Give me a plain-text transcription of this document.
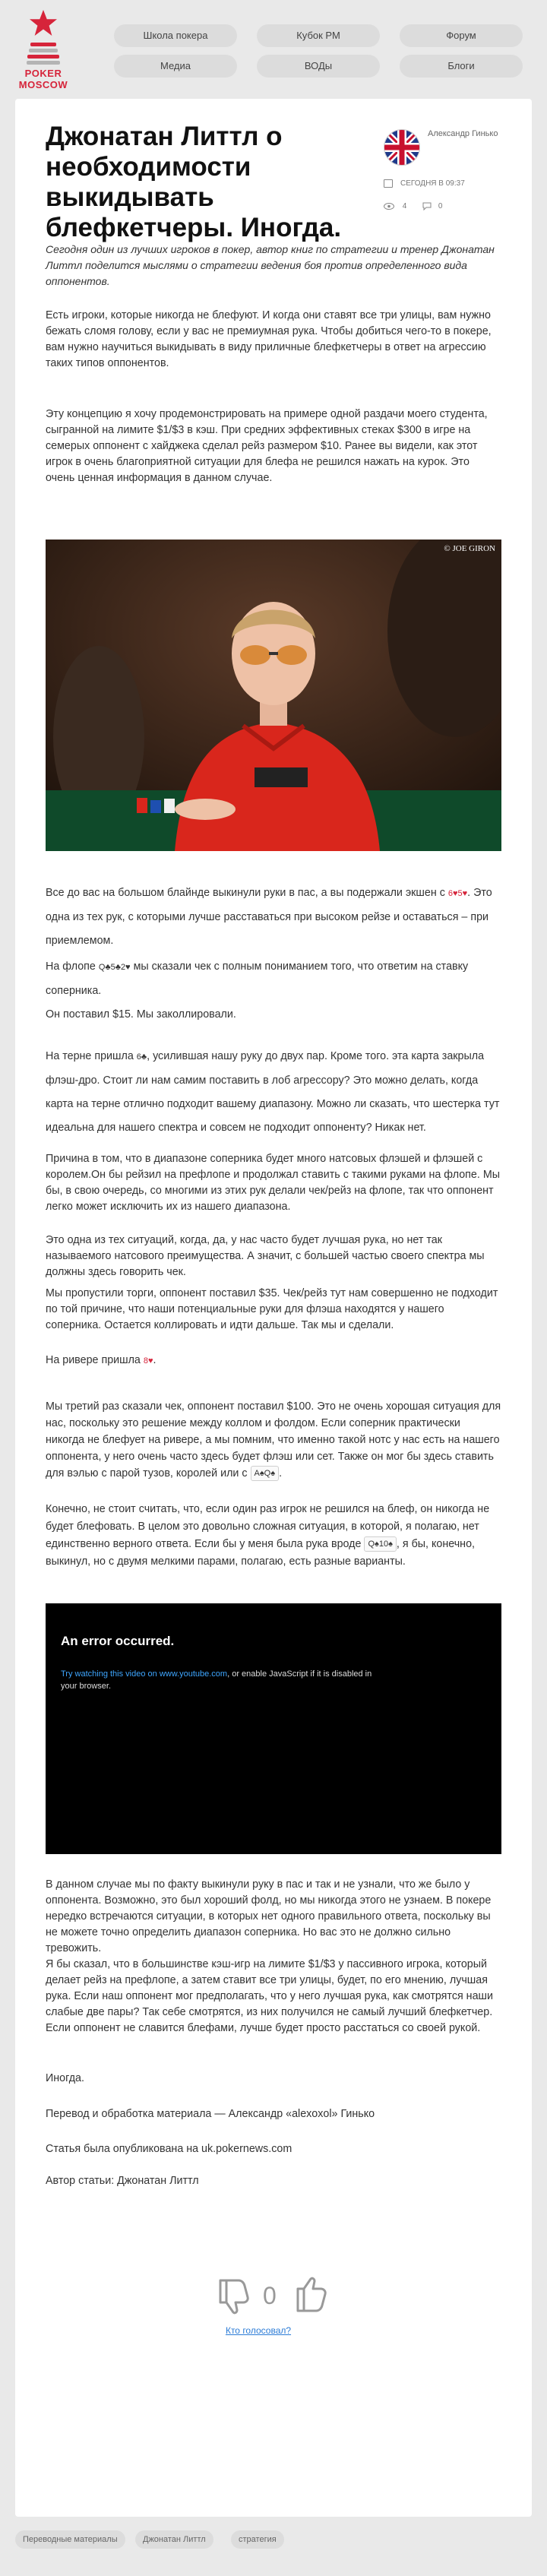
POKER
MOSCOW
Школа покера	Кубок РМ	Форум
Медиа	ВОДы	Блоги
Джонатан Литтл о необходимости выкидывать блефкетчеры. Иногда.
Александр Гинько
СЕГОДНЯ В 09:37
4	0

Сегодня один из лучших игроков в покер, автор книг по стратегии и тренер Джонатан Литтл поделится мыслями о стратегии ведения боя против определенного вида оппонентов.

Есть игроки, которые никогда не блефуют. И когда они ставят все три улицы, вам нужно бежать сломя голову, если у вас не премиумная рука. Чтобы добиться чего-то в покере, вам нужно научиться выкидывать в виду приличные блефкетчеры в ответ на агрессию таких типов оппонентов.

Эту концепцию я хочу продемонстрировать на примере одной раздачи моего студента, сыгранной на лимите $1/$3 в кэш. При средних эффективных стеках $300 в игре на семерых оппонент с хайджека сделал рейз размером $10. Ранее вы видели, как этот игрок в очень благоприятной ситуации для блефа не решился нажать на курок. Это очень ценная информация в данном случае.

© JOE GIRON

Все до вас на большом блайнде выкинули руки в пас, а вы подержали экшен с 6♥5♥. Это одна из тех рук, с которыми лучше расставаться при высоком рейзе и оставаться – при приемлемом.

На флопе Q♣5♣2♥ мы сказали чек с полным пониманием того, что ответим на ставку соперника.

Он поставил $15. Мы заколлировали.

На терне пришла 6♣, усилившая нашу руку до двух пар. Кроме того. эта карта закрыла флэш-дро. Стоит ли нам самим поставить в лоб агрессору? Это можно делать, когда карта на терне отлично подходит вашему диапазону. Можно ли сказать, что шестерка тут идеальна для нашего спектра и совсем не подходит оппоненту? Никак нет.

Причина в том, что в диапазоне соперника будет много натсовых флэшей и флэшей с королем.Он бы рейзил на префлопе и продолжал ставить с такими руками на флопе. Мы бы, в свою очередь, со многими из этих рук делали чек/рейз на флопе, так что оппонент легко может исключить их из нашего диапазона.

Это одна из тех ситуаций, когда, да, у нас часто будет лучшая рука, но нет так называемого натсового преимущества. А значит, с большей частью своего спектра мы должны здесь говорить чек.

Мы пропустили торги, оппонент поставил $35. Чек/рейз тут нам совершенно не подходит по той причине, что наши потенциальные руки для флэша находятся у нашего соперника. Остается коллировать и идти дальше. Так мы и сделали.

На ривере пришла 8♥.

Мы третий раз сказали чек, оппонент поставил $100. Это не очень хорошая ситуация для нас, поскольку это решение между коллом и фолдом. Если соперник практически никогда не блефует на ривере, а мы помним, что именно такой нотс у нас есть на нашего оппонента, у него очень часто здесь будет флэш или сет. Также он мог бы здесь ставить для вэлью с парой тузов, королей или с A♠Q♠ .

Конечно, не стоит считать, что, если один раз игрок не решился на блеф, он никогда не будет блефовать. В целом это довольно сложная ситуация, в которой, я полагаю, нет единственно верного ответа. Если бы у меня была рука вроде Q♠10♠ , я бы, конечно, выкинул, но с двумя мелкими парами, полагаю, есть разные варианты.

An error occurred.

Try watching this video on www.youtube.com, or enable JavaScript if it is disabled in your browser.

В данном случае мы по факту выкинули руку в пас и так и не узнали, что же было у оппонента. Возможно, это был хороший фолд, но мы никогда этого не узнаем. В покере нередко встречаются ситуации, в которых нет одного правильного ответа, поскольку вы не можете точно определить диапазон соперника. Но вас это не должно сильно тревожить.

Я бы сказал, что в большинстве кэш-игр на лимите $1/$3 у пассивного игрока, который делает рейз на префлопе, а затем ставит все три улицы, будет, по его мнению, лучшая рука. Если наш оппонент мог предполагать, что у него лучшая рука, как смотрятся наши слабые две пары? Так себе смотрятся, из них получился не самый лучший блефкетчер. Если оппонент не славится блефами, лучше будет просто расстаться со своей рукой.

Иногда.

Перевод и обработка материала — Александр «alexoxol» Гинько

Статья была опубликована на uk.pokernews.com

Автор статьи: Джонатан Литтл

0
Кто голосовал?
Переводные материалы	Джонатан Литтл	стратегия
